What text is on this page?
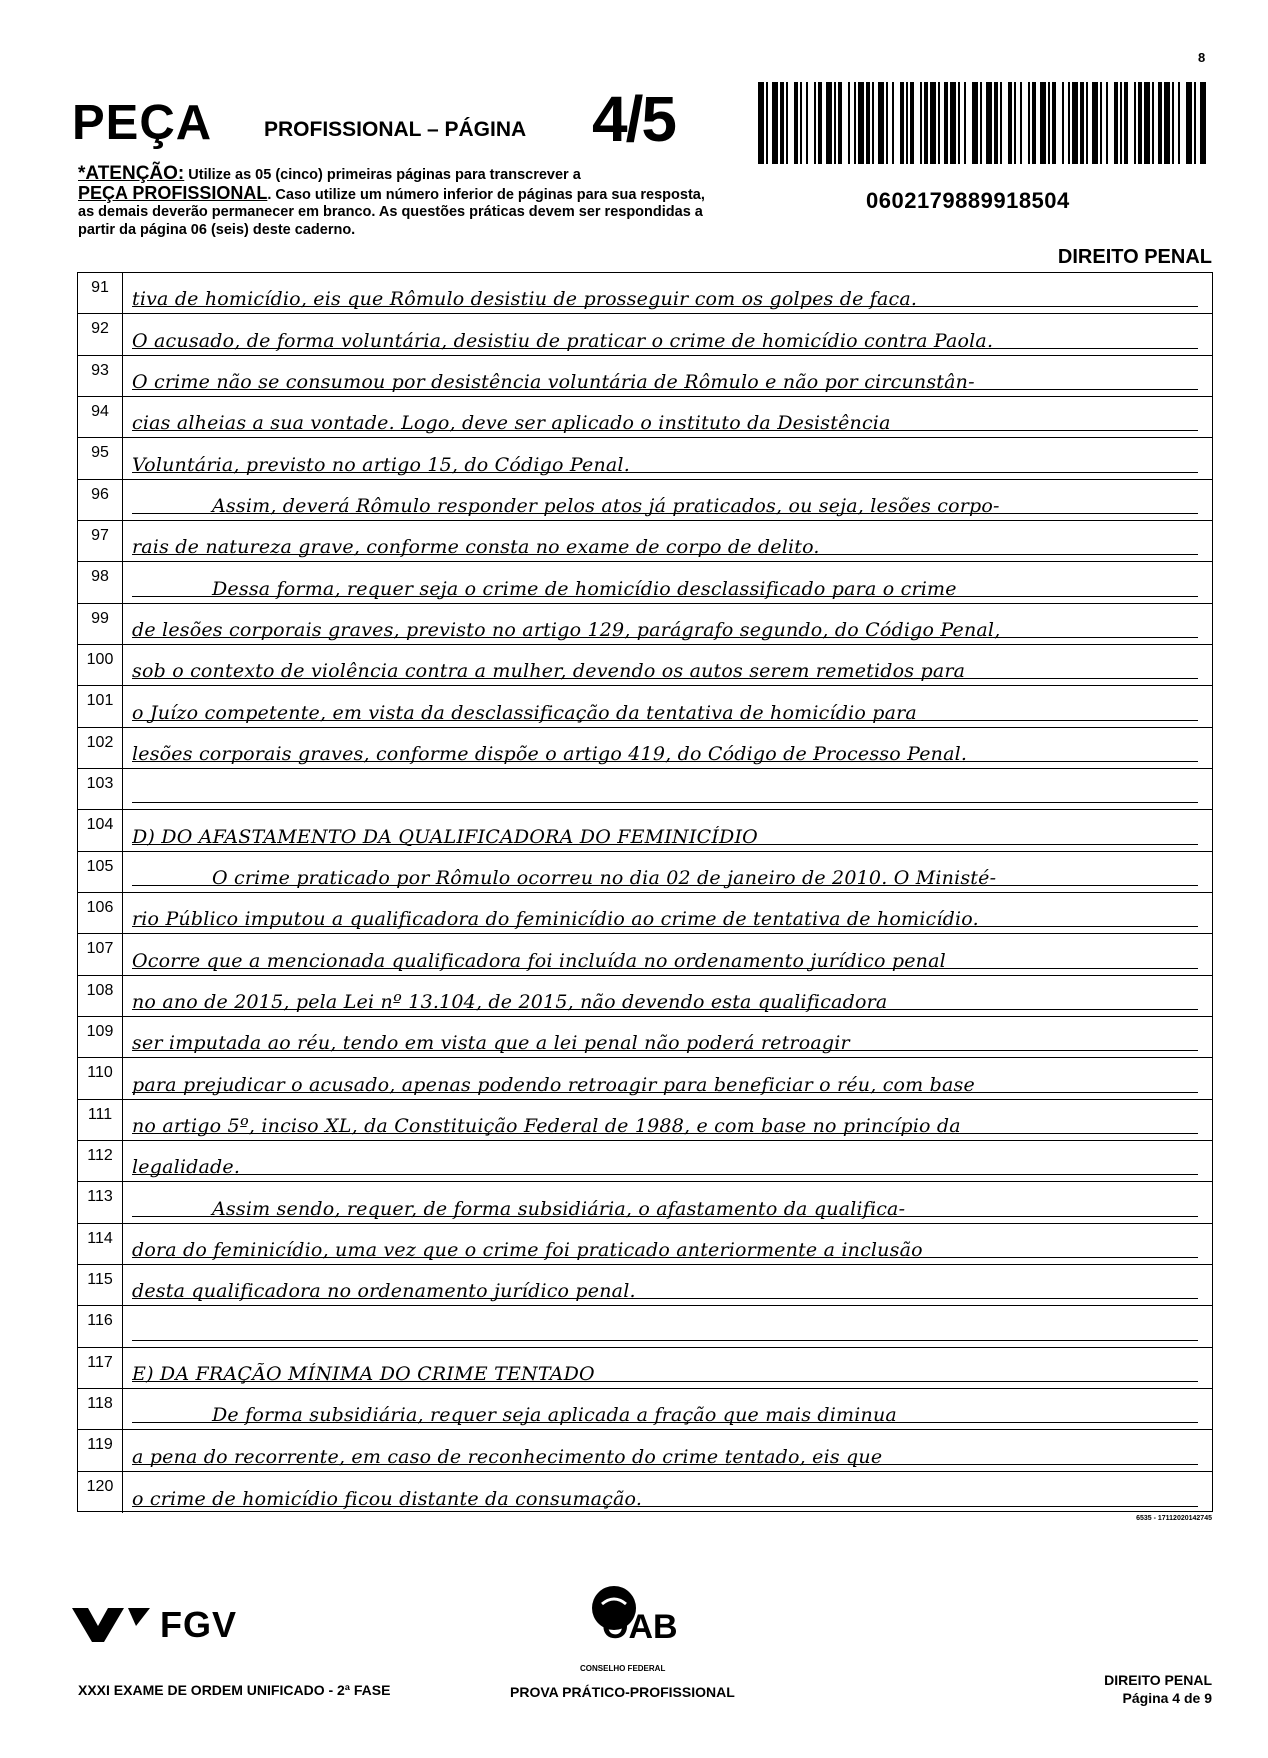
8
PEÇA PROFISSIONAL – PÁGINA 4/5
0602179889918504
*ATENÇÃO: Utilize as 05 (cinco) primeiras páginas para transcrever a
PEÇA PROFISSIONAL. Caso utilize um número inferior de páginas para sua resposta, as demais deverão permanecer em branco. As questões práticas devem ser respondidas a partir da página 06 (seis) deste caderno.
DIREITO PENAL
91
tiva de homicídio, eis que Rômulo desistiu de prosseguir com os golpes de faca.
92
O acusado, de forma voluntária, desistiu de praticar o crime de homicídio contra Paola.
93
O crime não se consumou por desistência voluntária de Rômulo e não por circunstân-
94
cias alheias a sua vontade. Logo, deve ser aplicado o instituto da Desistência
95
Voluntária, previsto no artigo 15, do Código Penal.
96
Assim, deverá Rômulo responder pelos atos já praticados, ou seja, lesões corpo-
97
rais de natureza grave, conforme consta no exame de corpo de delito.
98
Dessa forma, requer seja o crime de homicídio desclassificado para o crime
99
de lesões corporais graves, previsto no artigo 129, parágrafo segundo, do Código Penal,
100
sob o contexto de violência contra a mulher, devendo os autos serem remetidos para
101
o Juízo competente, em vista da desclassificação da tentativa de homicídio para
102
lesões corporais graves, conforme dispõe o artigo 419, do Código de Processo Penal.
103
104
D) DO AFASTAMENTO DA QUALIFICADORA DO FEMINICÍDIO
105
O crime praticado por Rômulo ocorreu no dia 02 de janeiro de 2010. O Ministé-
106
rio Público imputou a qualificadora do feminicídio ao crime de tentativa de homicídio.
107
Ocorre que a mencionada qualificadora foi incluída no ordenamento jurídico penal
108
no ano de 2015, pela Lei nº 13.104, de 2015, não devendo esta qualificadora
109
ser imputada ao réu, tendo em vista que a lei penal não poderá retroagir
110
para prejudicar o acusado, apenas podendo retroagir para beneficiar o réu, com base
111
no artigo 5º, inciso XL, da Constituição Federal de 1988, e com base no princípio da
112
legalidade.
113
Assim sendo, requer, de forma subsidiária, o afastamento da qualifica-
114
dora do feminicídio, uma vez que o crime foi praticado anteriormente a inclusão
115
desta qualificadora no ordenamento jurídico penal.
116
117
E) DA FRAÇÃO MÍNIMA DO CRIME TENTADO
118
De forma subsidiária, requer seja aplicada a fração que mais diminua
119
a pena do recorrente, em caso de reconhecimento do crime tentado, eis que
120
o crime de homicídio ficou distante da consumação.
6535 - 17112020142745
FGV	OAB
CONSELHO FEDERAL
XXXI EXAME DE ORDEM UNIFICADO - 2ª FASE	PROVA PRÁTICO-PROFISSIONAL
DIREITO PENAL
Página 4 de 9
